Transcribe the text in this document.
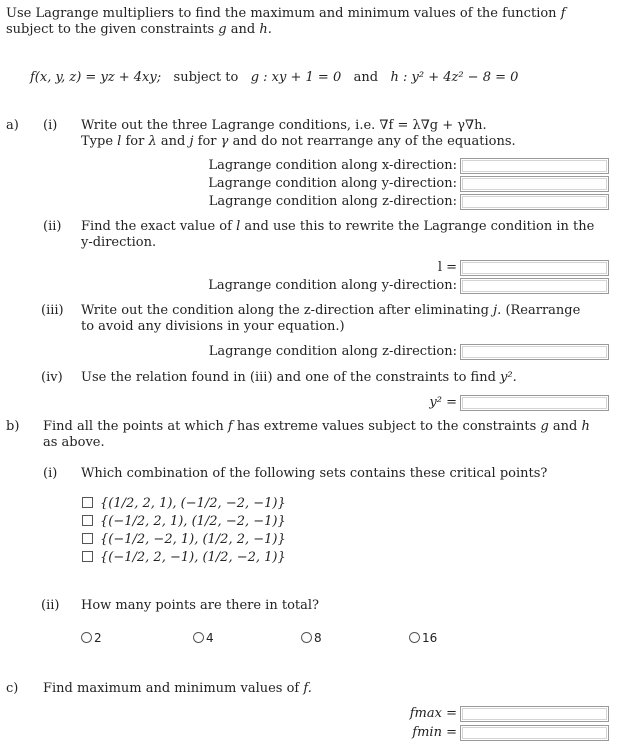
Use Lagrange multipliers to find the maximum and minimum values of the function f
subject to the given constraints g and h.
f(x, y, z) = yz + 4xy; subject to g : xy + 1 = 0 and h : y² + 4z² − 8 = 0
a) (i) Write out the three Lagrange conditions, i.e. ∇f = λ∇g + γ∇h.
Type l for λ and j for γ and do not rearrange any of the equations.
Lagrange condition along x-direction:
Lagrange condition along y-direction:
Lagrange condition along z-direction:
(ii) Find the exact value of l and use this to rewrite the Lagrange condition in the
y-direction.
l =
Lagrange condition along y-direction:
(iii) Write out the condition along the z-direction after eliminating j. (Rearrange
to avoid any divisions in your equation.)
Lagrange condition along z-direction:
(iv) Use the relation found in (iii) and one of the constraints to find y².
y² =
b) Find all the points at which f has extreme values subject to the constraints g and h
as above.
(i) Which combination of the following sets contains these critical points?
{(1/2, 2, 1), (−1/2, −2, −1)}
{(−1/2, 2, 1), (1/2, −2, −1)}
{(−1/2, −2, 1), (1/2, 2, −1)}
{(−1/2, 2, −1), (1/2, −2, 1)}
(ii) How many points are there in total?
2	4	8	16
c) Find maximum and minimum values of f.
fmax =
fmin =
